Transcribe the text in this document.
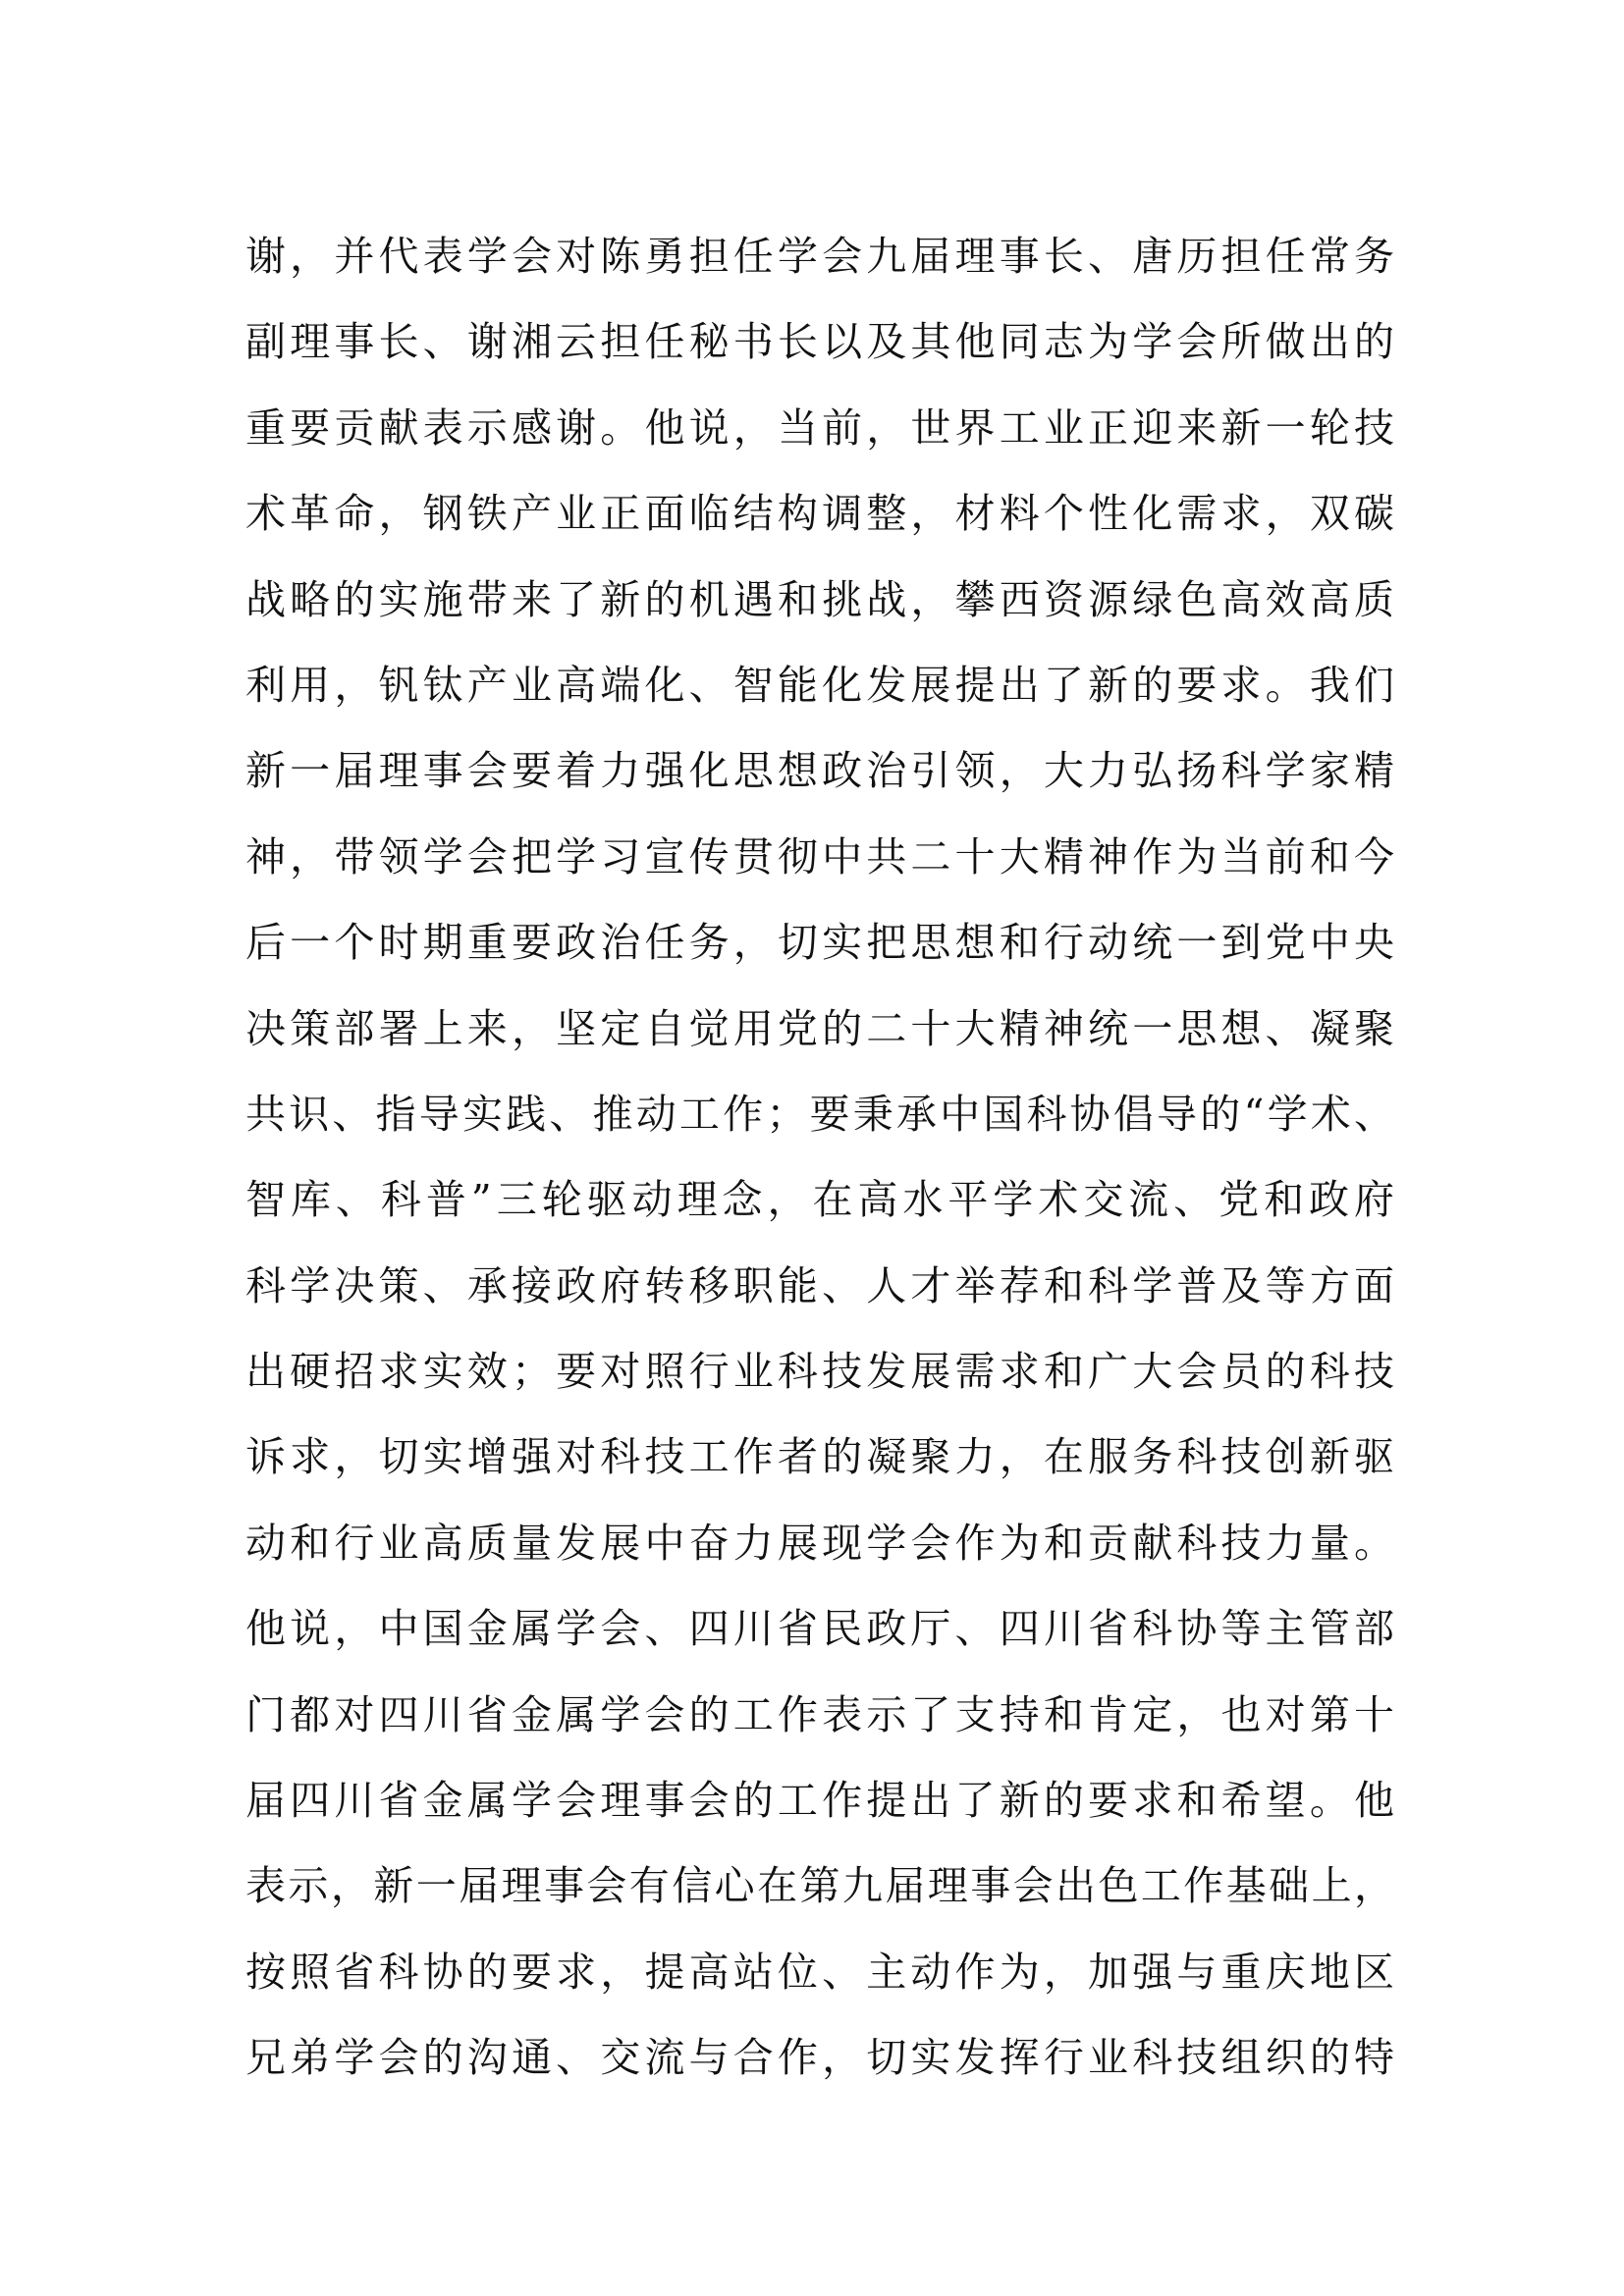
谢，并代表学会对陈勇担任学会九届理事长、唐历担任常务
副理事长、谢湘云担任秘书长以及其他同志为学会所做出的
重要贡献表示感谢。他说，当前，世界工业正迎来新一轮技
术革命，钢铁产业正面临结构调整，材料个性化需求，双碳
战略的实施带来了新的机遇和挑战，攀西资源绿色高效高质
利用，钒钛产业高端化、智能化发展提出了新的要求。我们
新一届理事会要着力强化思想政治引领，大力弘扬科学家精
神，带领学会把学习宣传贯彻中共二十大精神作为当前和今
后一个时期重要政治任务，切实把思想和行动统一到党中央
决策部署上来，坚定自觉用党的二十大精神统一思想、凝聚
共识、指导实践、推动工作；要秉承中国科协倡导的“学术、
智库、科普”三轮驱动理念，在高水平学术交流、党和政府
科学决策、承接政府转移职能、人才举荐和科学普及等方面
出硬招求实效；要对照行业科技发展需求和广大会员的科技
诉求，切实增强对科技工作者的凝聚力，在服务科技创新驱
动和行业高质量发展中奋力展现学会作为和贡献科技力量。
他说，中国金属学会、四川省民政厅、四川省科协等主管部
门都对四川省金属学会的工作表示了支持和肯定，也对第十
届四川省金属学会理事会的工作提出了新的要求和希望。他
表示，新一届理事会有信心在第九届理事会出色工作基础上，
按照省科协的要求，提高站位、主动作为，加强与重庆地区
兄弟学会的沟通、交流与合作，切实发挥行业科技组织的特
